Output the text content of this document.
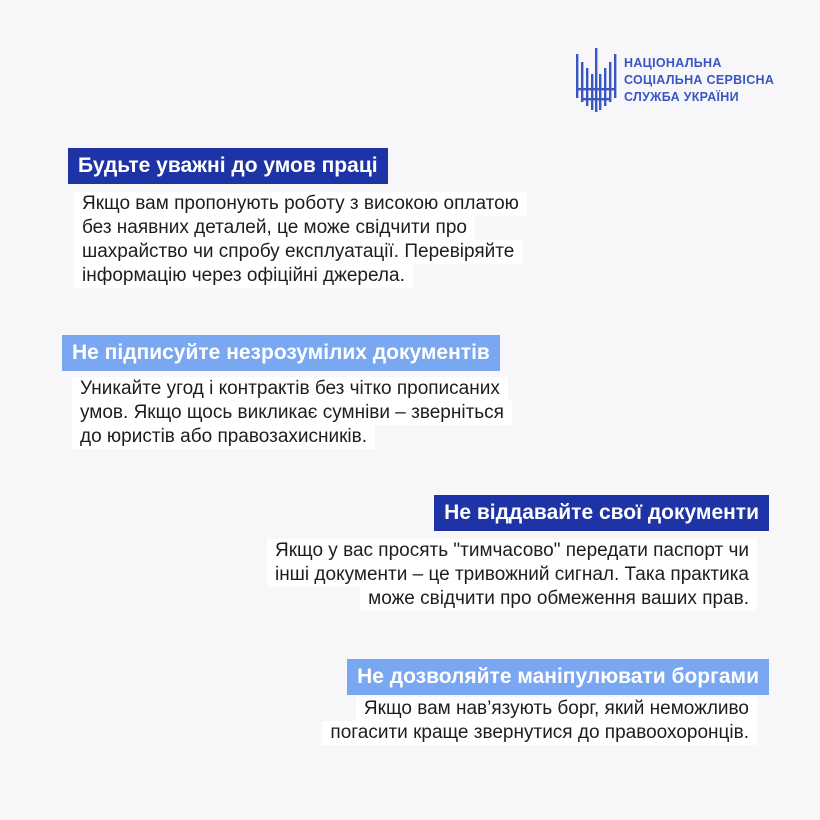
НАЦІОНАЛЬНА
СОЦІАЛЬНА СЕРВІСНА
СЛУЖБА УКРАЇНИ
Будьте уважні до умов праці
Якщо вам пропонують роботу з високою оплатою
без наявних деталей, це може свідчити про
шахрайство чи спробу експлуатації. Перевіряйте
інформацію через офіційні джерела.
Не підписуйте незрозумілих документів
Уникайте угод і контрактів без чітко прописаних
умов. Якщо щось викликає сумніви – зверніться
до юристів або правозахисників.
Не віддавайте свої документи
Якщо у вас просять "тимчасово" передати паспорт чи
інші документи – це тривожний сигнал. Така практика
може свідчити про обмеження ваших прав.
Не дозволяйте маніпулювати боргами
Якщо вам нав’язують борг, який неможливо
погасити краще звернутися до правоохоронців.
